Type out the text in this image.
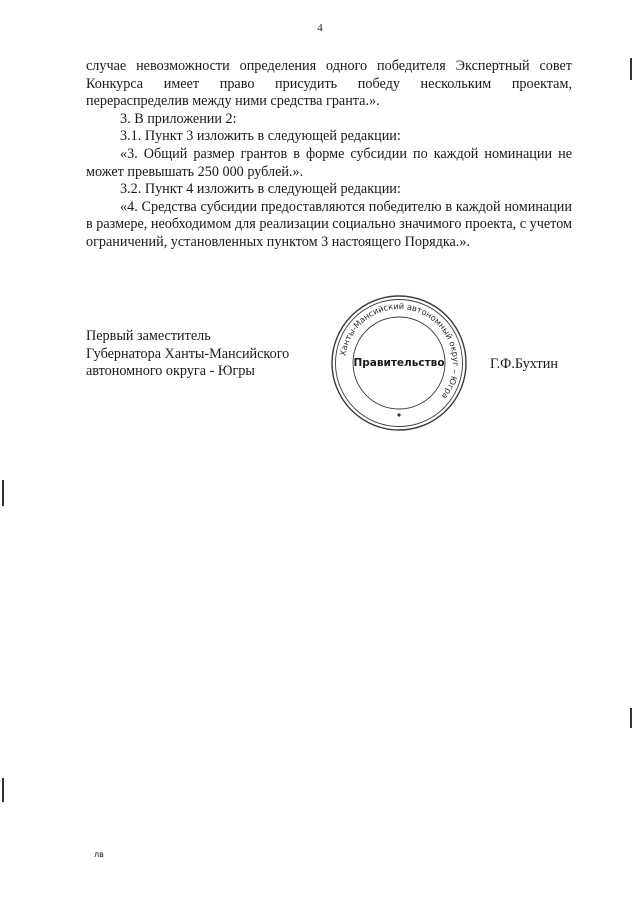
4

случае невозможности определения одного победителя Экспертный совет Конкурса имеет право присудить победу нескольким проектам, перераспределив между ними средства гранта.».

3. В приложении 2:

3.1. Пункт 3 изложить в следующей редакции:

«3. Общий размер грантов в форме субсидии по каждой номинации не может превышать 250 000 рублей.».

3.2. Пункт 4 изложить в следующей редакции:

«4. Средства субсидии предоставляются победителю в каждой номинации в размере, необходимом для реализации социально значимого проекта, с учетом ограничений, установленных пунктом 3 настоящего Порядка.».

Первый заместитель
Губернатора Ханты-Мансийского
автономного округа - Югры
Ханты-Мансийский автономный округ – Югра
Правительство	Г.Ф.Бухтин
лв
